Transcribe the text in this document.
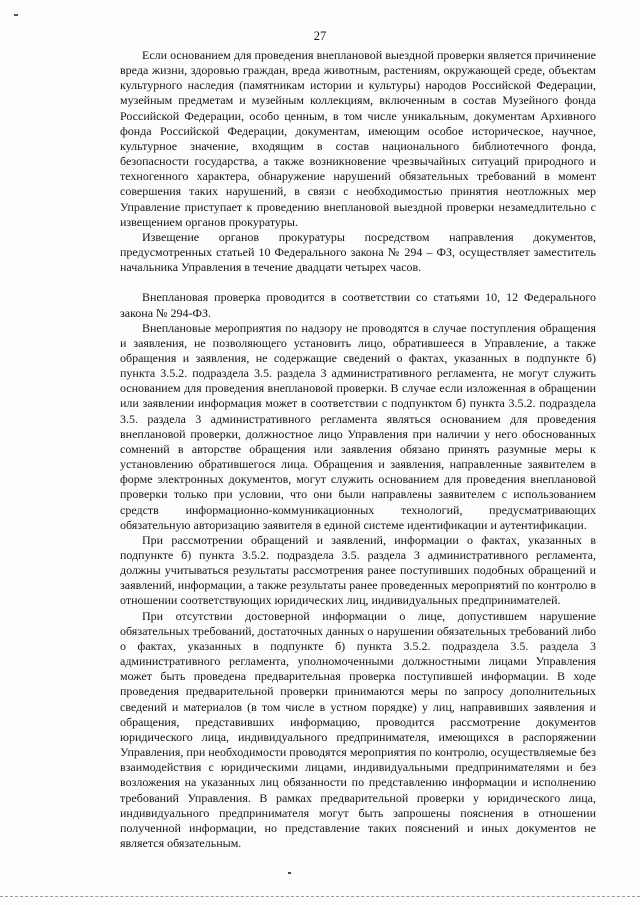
27

Если основанием для проведения внеплановой выездной проверки является причинение вреда жизни, здоровью граждан, вреда животным, растениям, окружающей среде, объектам культурного наследия (памятникам истории и культуры) народов Российской Федерации, музейным предметам и музейным коллекциям, включенным в состав Музейного фонда Российской Федерации, особо ценным, в том числе уникальным, документам Архивного фонда Российской Федерации, документам, имеющим особое историческое, научное, культурное значение, входящим в состав национального библиотечного фонда, безопасности государства, а также возникновение чрезвычайных ситуаций природного и техногенного характера, обнаружение нарушений обязательных требований в момент совершения таких нарушений, в связи с необходимостью принятия неотложных мер Управление приступает к проведению внеплановой выездной проверки незамедлительно с извещением органов прокуратуры.

Извещение органов прокуратуры посредством направления документов, предусмотренных статьей 10 Федерального закона № 294 – ФЗ, осуществляет заместитель начальника Управления в течение двадцати четырех часов.

Внеплановая проверка проводится в соответствии со статьями 10, 12 Федерального закона № 294-ФЗ.

Внеплановые мероприятия по надзору не проводятся в случае поступления обращения и заявления, не позволяющего установить лицо, обратившееся в Управление, а также обращения и заявления, не содержащие сведений о фактах, указанных в подпункте б) пункта 3.5.2. подраздела 3.5. раздела 3 административного регламента, не могут служить основанием для проведения внеплановой проверки. В случае если изложенная в обращении или заявлении информация может в соответствии с подпунктом б) пункта 3.5.2. подраздела 3.5. раздела 3 административного регламента являться основанием для проведения внеплановой проверки, должностное лицо Управления при наличии у него обоснованных сомнений в авторстве обращения или заявления обязано принять разумные меры к установлению обратившегося лица. Обращения и заявления, направленные заявителем в форме электронных документов, могут служить основанием для проведения внеплановой проверки только при условии, что они были направлены заявителем с использованием средств информационно-коммуникационных технологий, предусматривающих обязательную авторизацию заявителя в единой системе идентификации и аутентификации.

При рассмотрении обращений и заявлений, информации о фактах, указанных в подпункте б) пункта 3.5.2. подраздела 3.5. раздела 3 административного регламента, должны учитываться результаты рассмотрения ранее поступивших подобных обращений и заявлений, информации, а также результаты ранее проведенных мероприятий по контролю в отношении соответствующих юридических лиц, индивидуальных предпринимателей.

При отсутствии достоверной информации о лице, допустившем нарушение обязательных требований, достаточных данных о нарушении обязательных требований либо о фактах, указанных в подпункте б) пункта 3.5.2. подраздела 3.5. раздела 3 административного регламента, уполномоченными должностными лицами Управления может быть проведена предварительная проверка поступившей информации. В ходе проведения предварительной проверки принимаются меры по запросу дополнительных сведений и материалов (в том числе в устном порядке) у лиц, направивших заявления и обращения, представивших информацию, проводится рассмотрение документов юридического лица, индивидуального предпринимателя, имеющихся в распоряжении Управления, при необходимости проводятся мероприятия по контролю, осуществляемые без взаимодействия с юридическими лицами, индивидуальными предпринимателями и без возложения на указанных лиц обязанности по представлению информации и исполнению требований Управления. В рамках предварительной проверки у юридического лица, индивидуального предпринимателя могут быть запрошены пояснения в отношении полученной информации, но представление таких пояснений и иных документов не является обязательным.
